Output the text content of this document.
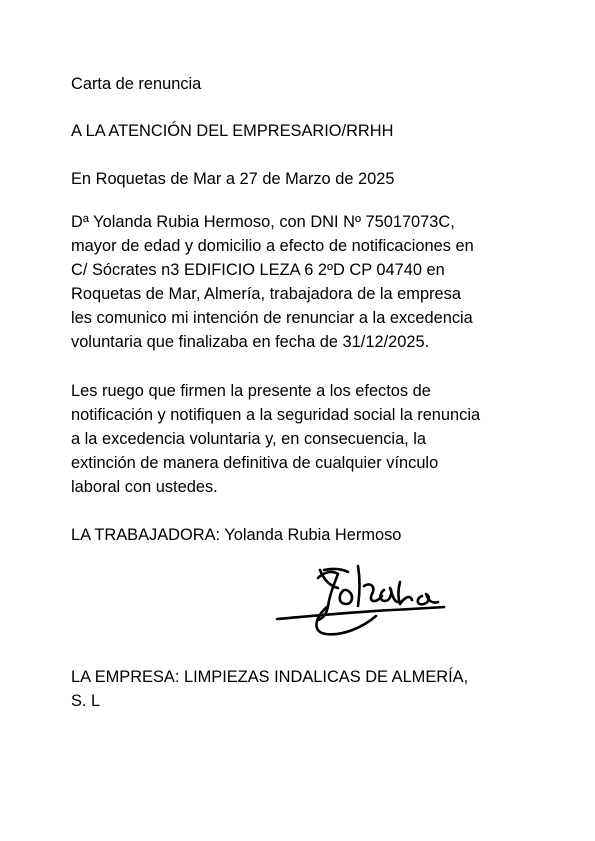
Carta de renuncia

A LA ATENCIÓN DEL EMPRESARIO/RRHH

En Roquetas de Mar a 27 de Marzo de 2025

Dª Yolanda Rubia Hermoso, con DNI Nº 75017073C,
mayor de edad y domicilio a efecto de notificaciones en
C/ Sócrates n3 EDIFICIO LEZA 6 2ºD CP 04740 en
Roquetas de Mar, Almería, trabajadora de la empresa
les comunico mi intención de renunciar a la excedencia
voluntaria que finalizaba en fecha de 31/12/2025.
Les ruego que firmen la presente a los efectos de
notificación y notifiquen a la seguridad social la renuncia
a la excedencia voluntaria y, en consecuencia, la
extinción de manera definitiva de cualquier vínculo
laboral con ustedes.

LA TRABAJADORA: Yolanda Rubia Hermoso

LA EMPRESA: LIMPIEZAS INDALICAS DE ALMERÍA,
S. L
